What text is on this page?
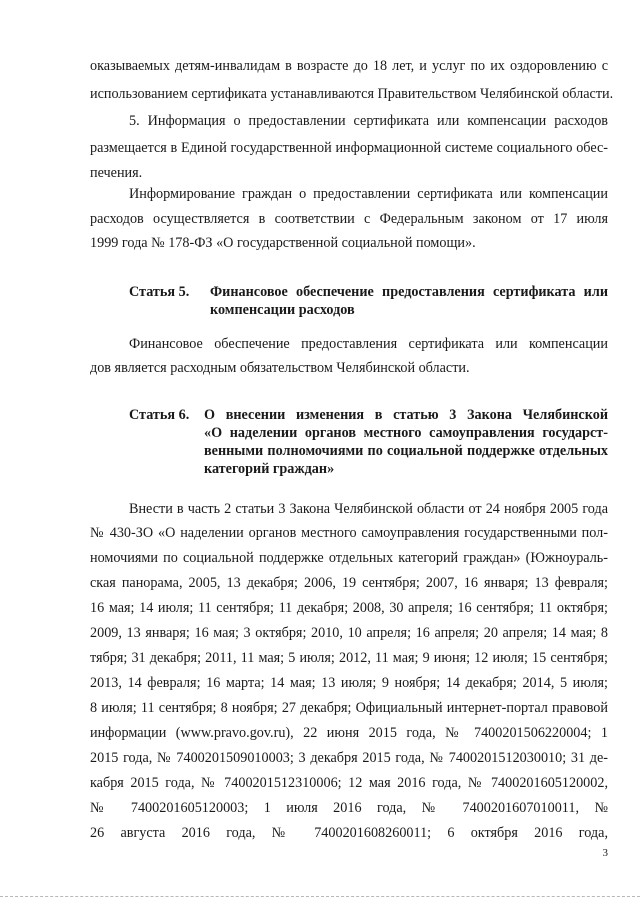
оказываемых детям-инвалидам в возрасте до 18 лет, и услуг по их оздоровлению с
использованием сертификата устанавливаются Правительством Челябинской области.
5. Информация о предоставлении сертификата или компенсации расходов
размещается в Единой государственной информационной системе социального обес-
печения.
Информирование граждан о предоставлении сертификата или компенсации
расходов осуществляется в соответствии с Федеральным законом от 17 июля
1999 года № 178-ФЗ «О государственной социальной помощи».
Статья 5. Финансовое обеспечение предоставления сертификата или
компенсации расходов
Финансовое обеспечение предоставления сертификата или компенсации
дов является расходным обязательством Челябинской области.
Статья 6. О внесении изменения в статью 3 Закона Челябинской
«О наделении органов местного самоуправления государст-
венными полномочиями по социальной поддержке отдельных
категорий граждан»
Внести в часть 2 статьи 3 Закона Челябинской области от 24 ноября 2005 года
№ 430-ЗО «О наделении органов местного самоуправления государственными пол-
номочиями по социальной поддержке отдельных категорий граждан» (Южноураль-
ская панорама, 2005, 13 декабря; 2006, 19 сентября; 2007, 16 января; 13 февраля;
16 мая; 14 июля; 11 сентября; 11 декабря; 2008, 30 апреля; 16 сентября; 11 октября;
2009, 13 января; 16 мая; 3 октября; 2010, 10 апреля; 16 апреля; 20 апреля; 14 мая; 8
тября; 31 декабря; 2011, 11 мая; 5 июля; 2012, 11 мая; 9 июня; 12 июля; 15 сентября;
2013, 14 февраля; 16 марта; 14 мая; 13 июля; 9 ноября; 14 декабря; 2014, 5 июля;
8 июля; 11 сентября; 8 ноября; 27 декабря; Официальный интернет-портал правовой
информации (www.pravo.gov.ru), 22 июня 2015 года, № 7400201506220004; 1
2015 года, № 7400201509010003; 3 декабря 2015 года, № 7400201512030010; 31 де-
кабря 2015 года, № 7400201512310006; 12 мая 2016 года, № 7400201605120002,
№ 7400201605120003; 1 июля 2016 года, № 7400201607010011, №
26 августа 2016 года, № 7400201608260011; 6 октября 2016 года,
3
